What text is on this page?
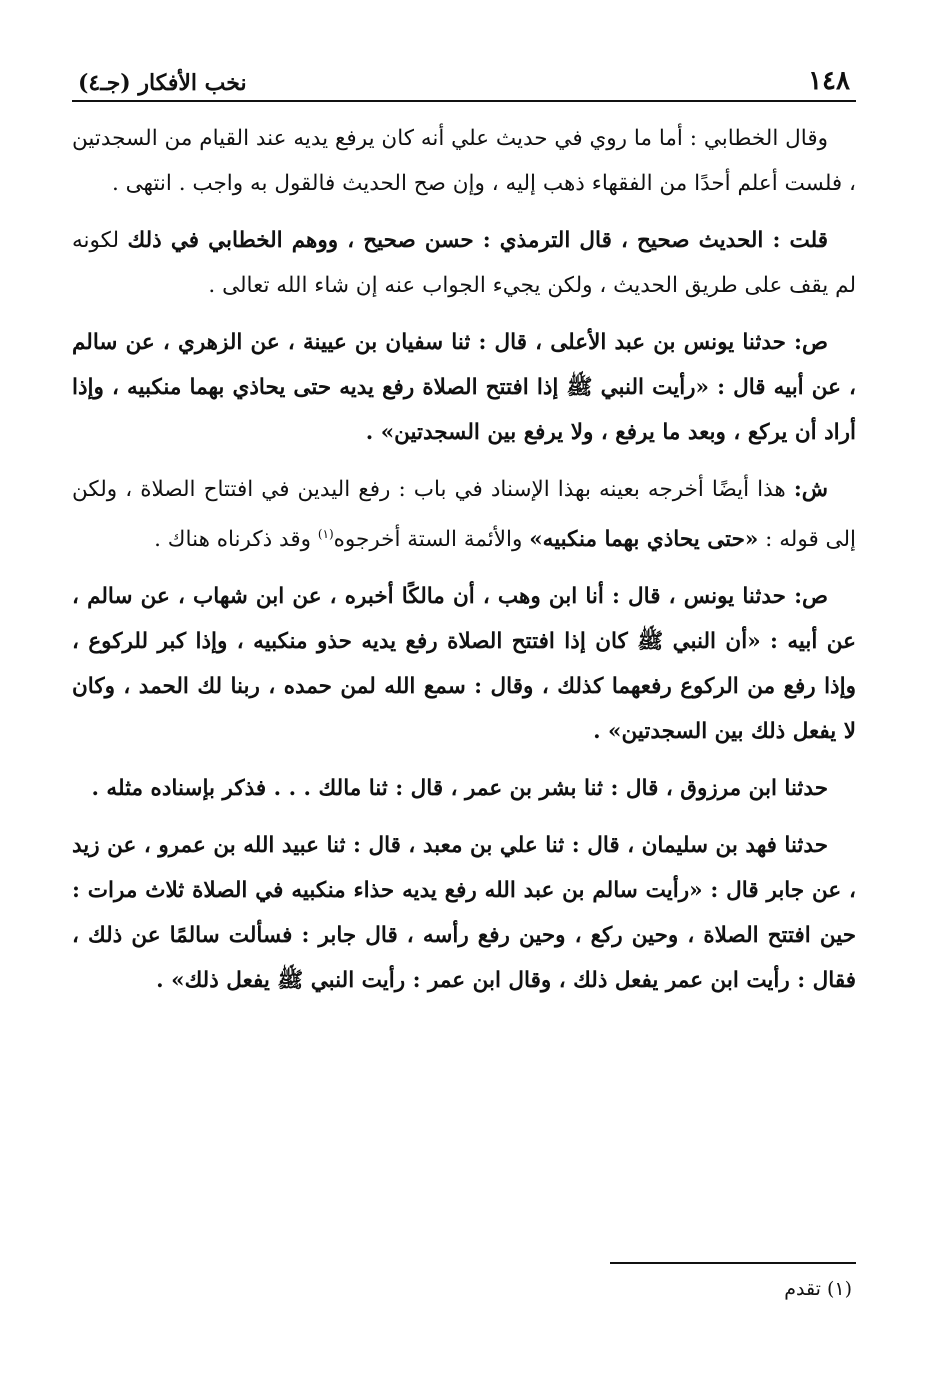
١٤٨
نخب الأفكار (جـ٤)

وقال الخطابي : أما ما روي في حديث علي أنه كان يرفع يديه عند القيام من السجدتين ، فلست أعلم أحدًا من الفقهاء ذهب إليه ، وإن صح الحديث فالقول به واجب . انتهى .

قلت : الحديث صحيح ، قال الترمذي : حسن صحيح ، ووهم الخطابي في ذلك لكونه لم يقف على طريق الحديث ، ولكن يجيء الجواب عنه إن شاء الله تعالى .

ص: حدثنا يونس بن عبد الأعلى ، قال : ثنا سفيان بن عيينة ، عن الزهري ، عن سالم ، عن أبيه قال : «رأيت النبي ﷺ إذا افتتح الصلاة رفع يديه حتى يحاذي بهما منكبيه ، وإذا أراد أن يركع ، وبعد ما يرفع ، ولا يرفع بين السجدتين» .

ش: هذا أيضًا أخرجه بعينه بهذا الإسناد في باب : رفع اليدين في افتتاح الصلاة ، ولكن إلى قوله : «حتى يحاذي بهما منكبيه» والأئمة الستة أخرجوه$^{(١)}$ وقد ذكرناه هناك .

ص: حدثنا يونس ، قال : أنا ابن وهب ، أن مالكًا أخبره ، عن ابن شهاب ، عن سالم ، عن أبيه : «أن النبي ﷺ كان إذا افتتح الصلاة رفع يديه حذو منكبيه ، وإذا كبر للركوع ، وإذا رفع من الركوع رفعهما كذلك ، وقال : سمع الله لمن حمده ، ربنا لك الحمد ، وكان لا يفعل ذلك بين السجدتين» .

حدثنا ابن مرزوق ، قال : ثنا بشر بن عمر ، قال : ثنا مالك . . . فذكر بإسناده مثله .

حدثنا فهد بن سليمان ، قال : ثنا علي بن معبد ، قال : ثنا عبيد الله بن عمرو ، عن زيد ، عن جابر قال : «رأيت سالم بن عبد الله رفع يديه حذاء منكبيه في الصلاة ثلاث مرات : حين افتتح الصلاة ، وحين ركع ، وحين رفع رأسه ، قال جابر : فسألت سالمًا عن ذلك ، فقال : رأيت ابن عمر يفعل ذلك ، وقال ابن عمر : رأيت النبي ﷺ يفعل ذلك» .

(١) تقدم
